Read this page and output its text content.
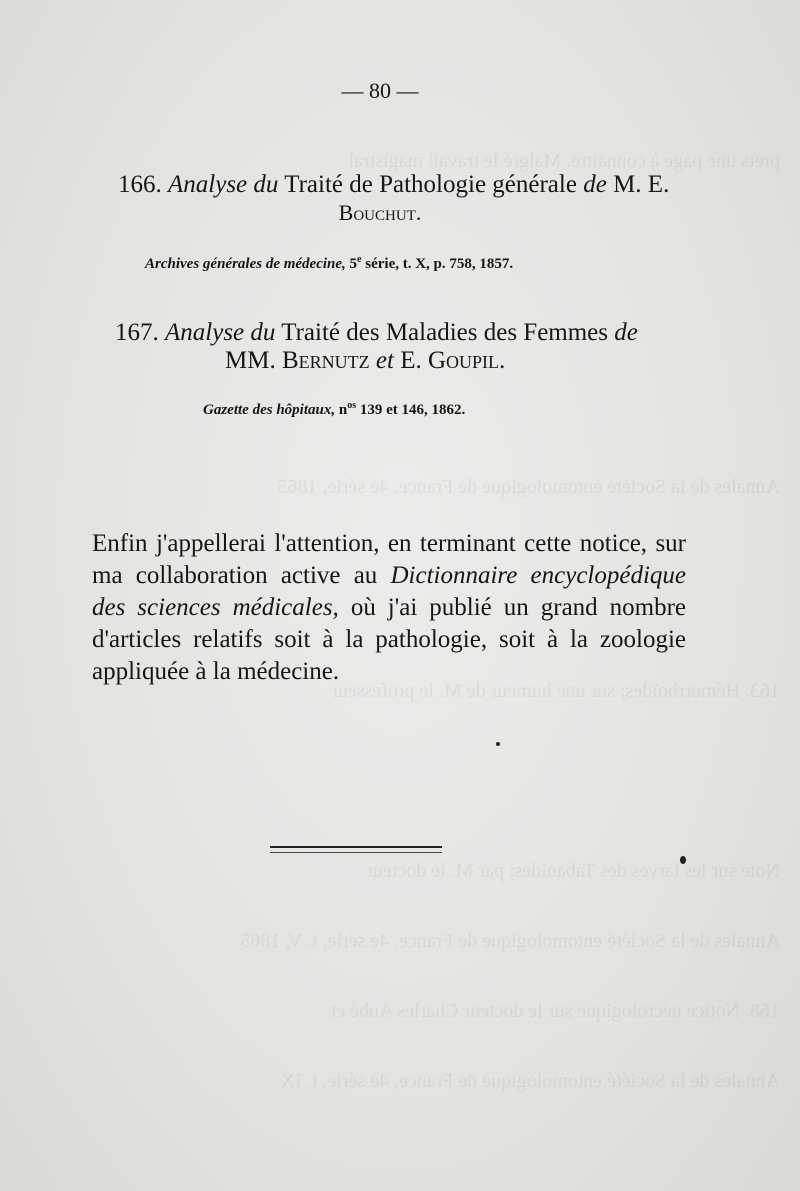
prets une page à connaitre. Malgré le travail magistral
Annales de la Société entomologique de France, 4e série, 1865
163. Hémorrhoïdes; sur une humeur de M. le professeur
Note sur les larves des Tabanides; par M. le docteur
Annales de la Société entomologique de France, 4e série, t. V, 1865
168. Notice nécrologique sur le docteur Charles Aubé et
Annales de la Société entomologique de France, 4e série, t. IX
— 80 —
166. Analyse du Traité de Pathologie générale de M. E.
Bouchut.
Archives générales de médecine, 5e série, t. X, p. 758, 1857.
167. Analyse du Traité des Maladies des Femmes de
MM. Bernutz et E. Goupil.
Gazette des hôpitaux, $n^{os}$ 139 et 146, 1862.
Enfin j'appellerai l'attention, en terminant cette notice, sur ma collaboration active au Dictionnaire encyclopédique des sciences médicales, où j'ai publié un grand nombre d'articles relatifs soit à la pathologie, soit à la zoologie appliquée à la médecine.
